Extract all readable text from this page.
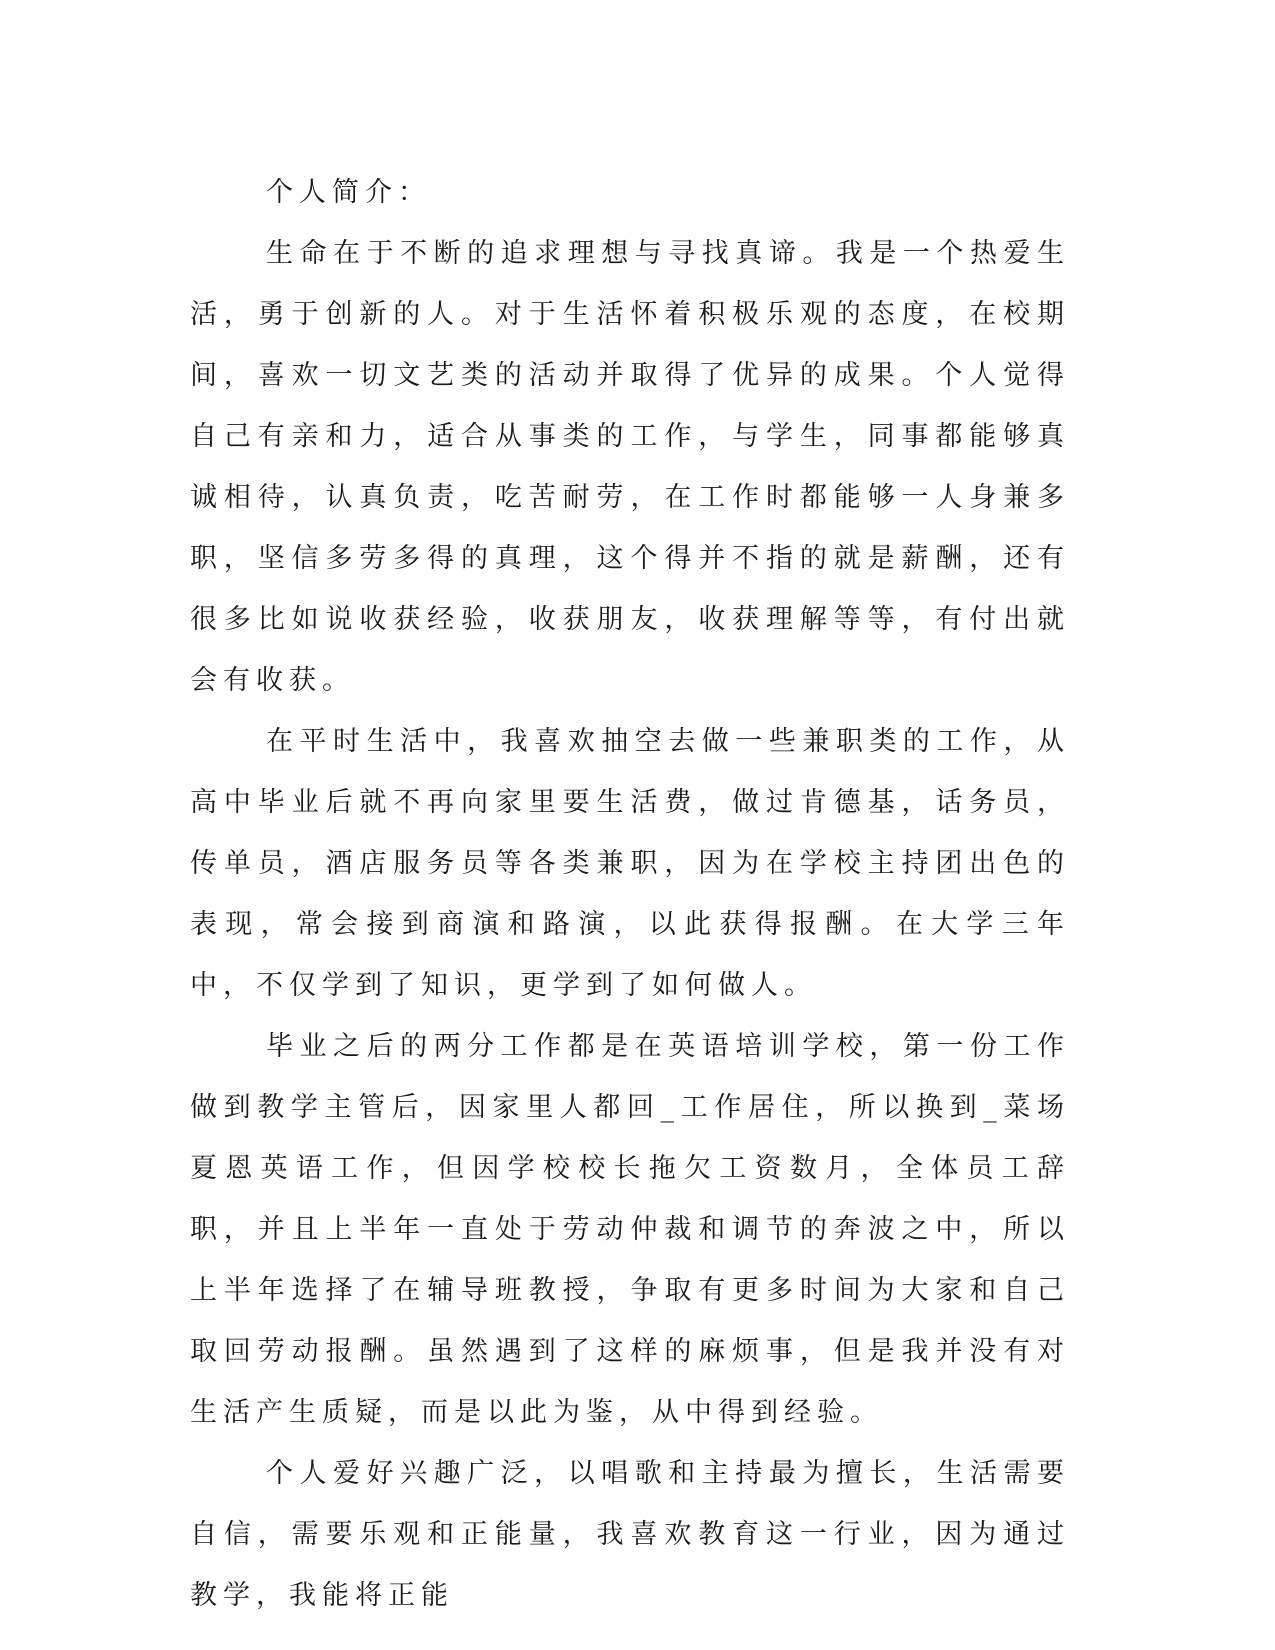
个人简介：

生命在于不断的追求理想与寻找真谛。我是一个热爱生活，勇于创新的人。对于生活怀着积极乐观的态度，在校期间，喜欢一切文艺类的活动并取得了优异的成果。个人觉得自己有亲和力，适合从事类的工作，与学生，同事都能够真诚相待，认真负责，吃苦耐劳，在工作时都能够一人身兼多职，坚信多劳多得的真理，这个得并不指的就是薪酬，还有很多比如说收获经验，收获朋友，收获理解等等，有付出就会有收获。

在平时生活中，我喜欢抽空去做一些兼职类的工作，从高中毕业后就不再向家里要生活费，做过肯德基，话务员，传单员，酒店服务员等各类兼职，因为在学校主持团出色的表现，常会接到商演和路演，以此获得报酬。在大学三年中，不仅学到了知识，更学到了如何做人。

毕业之后的两分工作都是在英语培训学校，第一份工作做到教学主管后，因家里人都回_工作居住，所以换到_菜场夏恩英语工作，但因学校校长拖欠工资数月，全体员工辞职，并且上半年一直处于劳动仲裁和调节的奔波之中，所以上半年选择了在辅导班教授，争取有更多时间为大家和自己取回劳动报酬。虽然遇到了这样的麻烦事，但是我并没有对生活产生质疑，而是以此为鉴，从中得到经验。

个人爱好兴趣广泛，以唱歌和主持最为擅长，生活需要自信，需要乐观和正能量，我喜欢教育这一行业，因为通过教学，我能将正能
